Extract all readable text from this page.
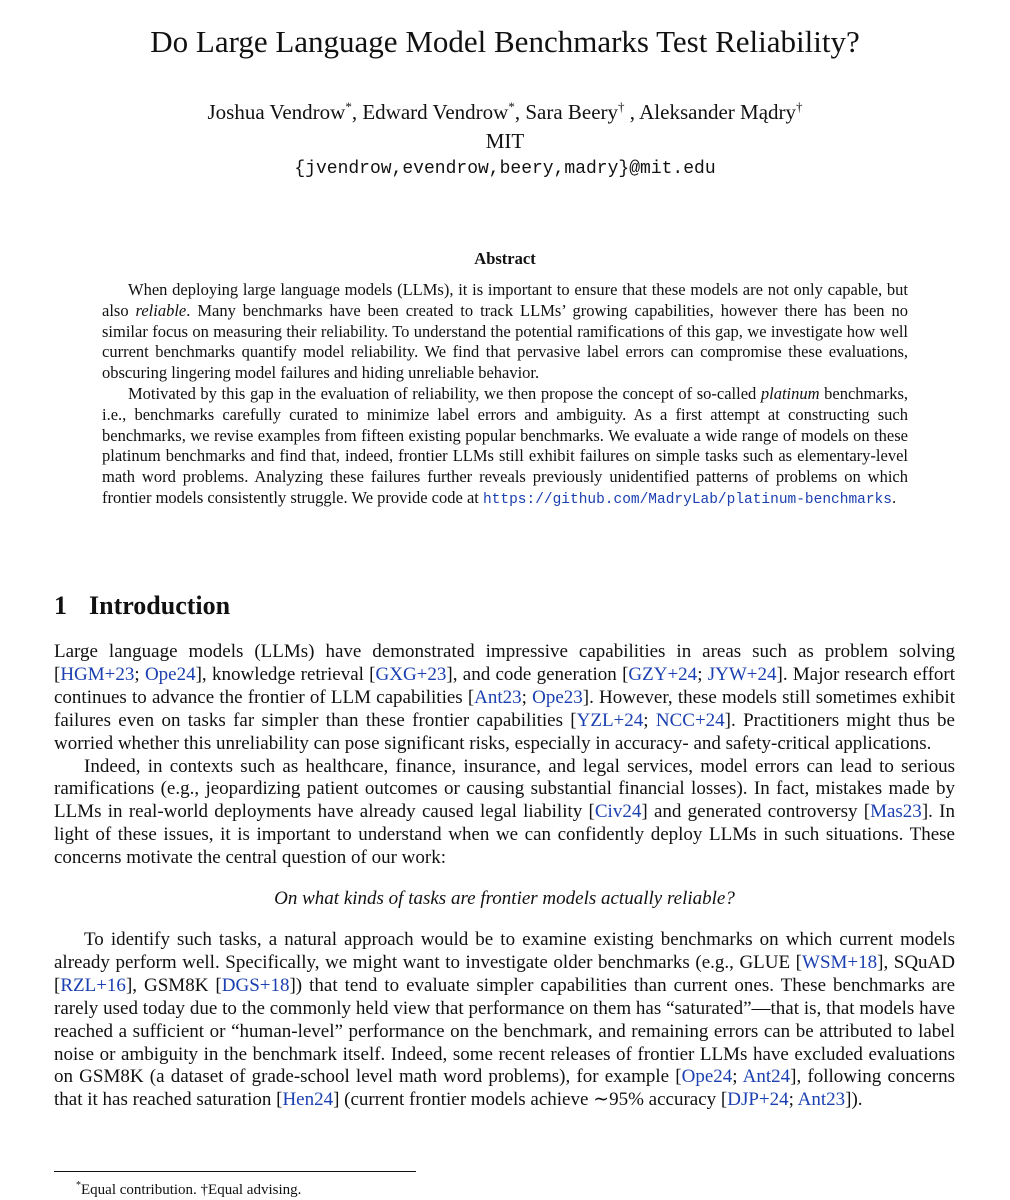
Do Large Language Model Benchmarks Test Reliability?
Joshua Vendrow*, Edward Vendrow*, Sara Beery† , Aleksander Mądry†
MIT
{jvendrow,evendrow,beery,madry}@mit.edu
Abstract

When deploying large language models (LLMs), it is important to ensure that these models are not only capable, but also reliable. Many benchmarks have been created to track LLMs’ growing capabilities, however there has been no similar focus on measuring their reliability. To understand the potential ramifications of this gap, we investigate how well current benchmarks quantify model reliability. We find that pervasive label errors can compromise these evaluations, obscuring lingering model failures and hiding unreliable behavior.

Motivated by this gap in the evaluation of reliability, we then propose the concept of so-called platinum benchmarks, i.e., benchmarks carefully curated to minimize label errors and ambiguity. As a first attempt at constructing such benchmarks, we revise examples from fifteen existing popular benchmarks. We evaluate a wide range of models on these platinum benchmarks and find that, indeed, frontier LLMs still exhibit failures on simple tasks such as elementary-level math word problems. Analyzing these failures further reveals previously unidentified patterns of problems on which frontier models consistently struggle. We provide code at https://github.com/MadryLab/platinum-benchmarks.

1 Introduction

Large language models (LLMs) have demonstrated impressive capabilities in areas such as problem solving [HGM+23; Ope24], knowledge retrieval [GXG+23], and code generation [GZY+24; JYW+24]. Major research effort continues to advance the frontier of LLM capabilities [Ant23; Ope23]. However, these models still sometimes exhibit failures even on tasks far simpler than these frontier capabilities [YZL+24; NCC+24]. Practitioners might thus be worried whether this unreliability can pose significant risks, especially in accuracy- and safety-critical applications.

Indeed, in contexts such as healthcare, finance, insurance, and legal services, model errors can lead to serious ramifications (e.g., jeopardizing patient outcomes or causing substantial financial losses). In fact, mistakes made by LLMs in real-world deployments have already caused legal liability [Civ24] and generated controversy [Mas23]. In light of these issues, it is important to understand when we can confidently deploy LLMs in such situations. These concerns motivate the central question of our work:

On what kinds of tasks are frontier models actually reliable?

To identify such tasks, a natural approach would be to examine existing benchmarks on which current models already perform well. Specifically, we might want to investigate older benchmarks (e.g., GLUE [WSM+18], SQuAD [RZL+16], GSM8K [DGS+18]) that tend to evaluate simpler capabilities than current ones. These benchmarks are rarely used today due to the commonly held view that performance on them has “saturated”—that is, that models have reached a sufficient or “human-level” performance on the benchmark, and remaining errors can be attributed to label noise or ambiguity in the benchmark itself. Indeed, some recent releases of frontier LLMs have excluded evaluations on GSM8K (a dataset of grade-school level math word problems), for example [Ope24; Ant24], following concerns that it has reached saturation [Hen24] (current frontier models achieve ∼95% accuracy [DJP+24; Ant23]).

*Equal contribution. †Equal advising.
